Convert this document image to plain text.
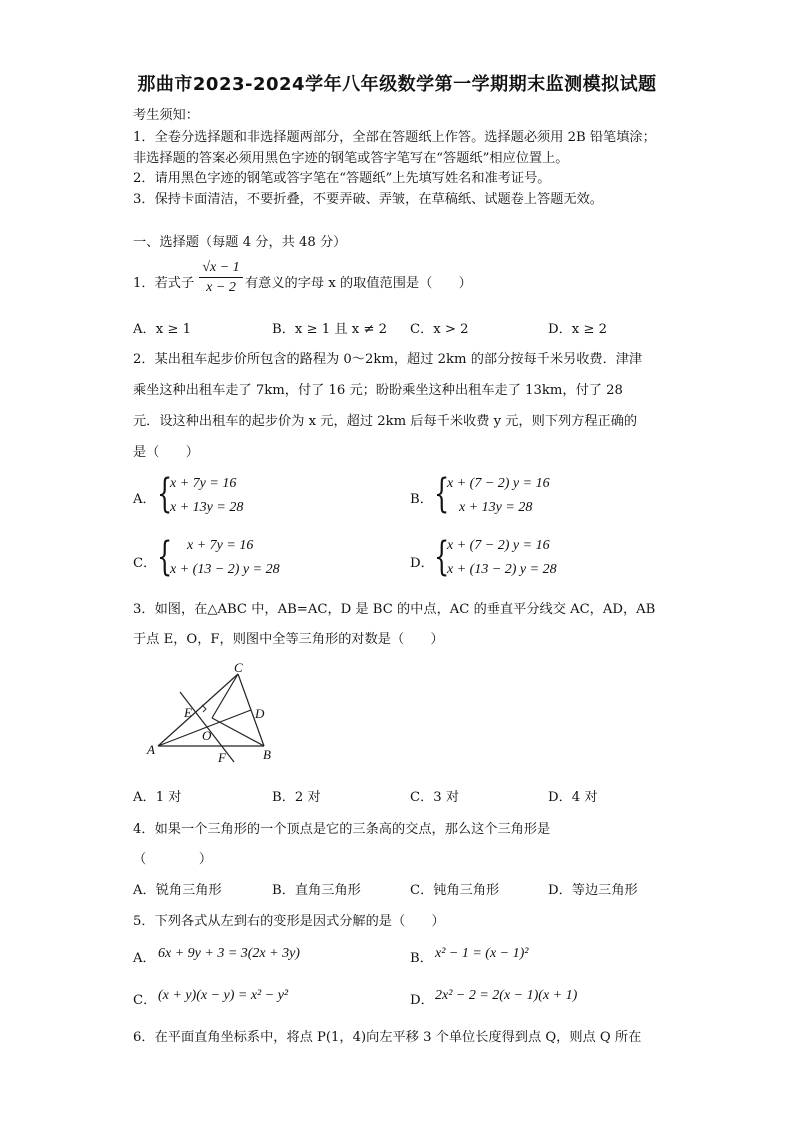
那曲市2023-2024学年八年级数学第一学期期末监测模拟试题
考生须知：
1．全卷分选择题和非选择题两部分，全部在答题纸上作答。选择题必须用 2B 铅笔填涂；
非选择题的答案必须用黑色字迹的钢笔或答字笔写在“答题纸”相应位置上。
2．请用黑色字迹的钢笔或答字笔在“答题纸”上先填写姓名和准考证号。
3．保持卡面清洁，不要折叠，不要弄破、弄皱，在草稿纸、试题卷上答题无效。
一、选择题（每题 4 分，共 48 分）
1．若式子 $\frac{√x - 1}{x - 2}$ 有意义的字母 x 的取值范围是（　　）
A．x ≥ 1	B．x ≥ 1 且 x ≠ 2 C．x > 2	D．x ≥ 2
2．某出租车起步价所包含的路程为 0～2km，超过 2km 的部分按每千米另收费．津津
乘坐这种出租车走了 7km，付了 16 元；盼盼乘坐这种出租车走了 13km，付了 28
元．设这种出租车的起步价为 x 元，超过 2km 后每千米收费 y 元，则下列方程正确的
是（　　）
A． {
x + 7y = 16
x + 13y = 28
B． {
x + (7 − 2) y = 16
x + 13y = 28
C． { x + 7y = 16
x + (13 − 2) y = 28	D． {
x + (7 − 2) y = 16
x + (13 − 2) y = 28
3．如图，在△ABC 中，AB=AC，D 是 BC 的中点，AC 的垂直平分线交 AC，AD，AB
于点 E，O，F，则图中全等三角形的对数是（　　）
C
E	D
O
A
F	B
A．1 对	B．2 对	C．3 对	D．4 对
4．如果一个三角形的一个顶点是它的三条高的交点，那么这个三角形是
（　　　　）
A．锐角三角形	B．直角三角形	C．钝角三角形	D．等边三角形
5．下列各式从左到右的变形是因式分解的是（　　）
A． 6x + 9y + 3 = 3(2x + 3y)	B． x² − 1 = (x − 1)²
C． (x + y)(x − y) = x² − y²	D． 2x² − 2 = 2(x − 1)(x + 1)
6．在平面直角坐标系中，将点 P(1，4)向左平移 3 个单位长度得到点 Q，则点 Q 所在
